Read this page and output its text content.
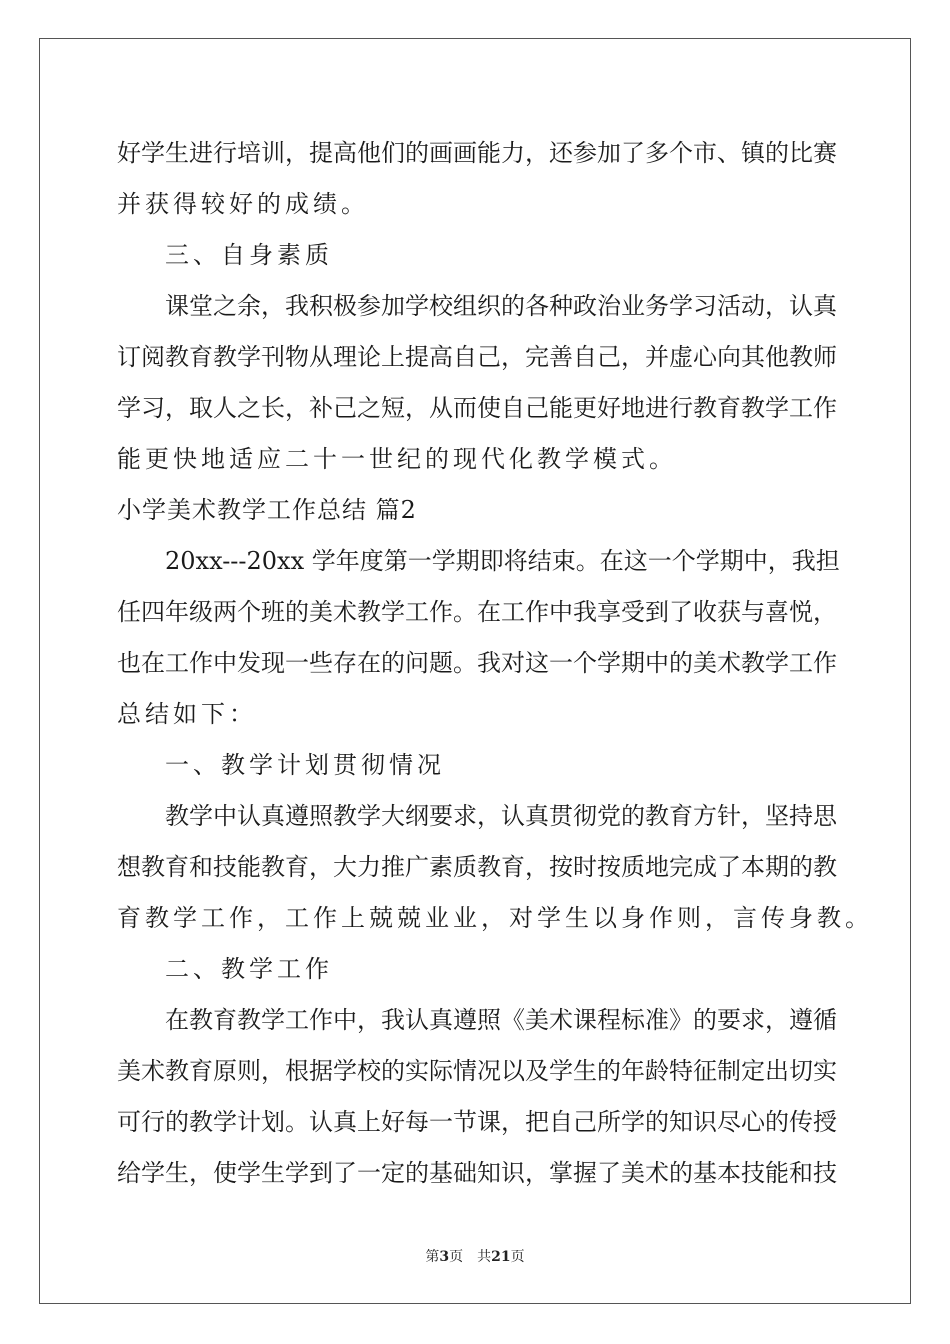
好学生进行培训，提高他们的画画能力，还参加了多个市、镇的比赛
并获得较好的成绩。
三、自身素质
课堂之余，我积极参加学校组织的各种政治业务学习活动，认真
订阅教育教学刊物从理论上提高自己，完善自己，并虚心向其他教师
学习，取人之长，补己之短，从而使自己能更好地进行教育教学工作
能更快地适应二十一世纪的现代化教学模式。
小学美术教学工作总结 篇2
20xx---20xx 学年度第一学期即将结束。在这一个学期中，我担
任四年级两个班的美术教学工作。在工作中我享受到了收获与喜悦，
也在工作中发现一些存在的问题。我对这一个学期中的美术教学工作
总结如下：
一、教学计划贯彻情况
教学中认真遵照教学大纲要求，认真贯彻党的教育方针，坚持思
想教育和技能教育，大力推广素质教育，按时按质地完成了本期的教
育教学工作，工作上兢兢业业，对学生以身作则，言传身教。
二、教学工作
在教育教学工作中，我认真遵照《美术课程标准》的要求，遵循
美术教育原则，根据学校的实际情况以及学生的年龄特征制定出切实
可行的教学计划。认真上好每一节课，把自己所学的知识尽心的传授
给学生，使学生学到了一定的基础知识，掌握了美术的基本技能和技
第3页 共21页
